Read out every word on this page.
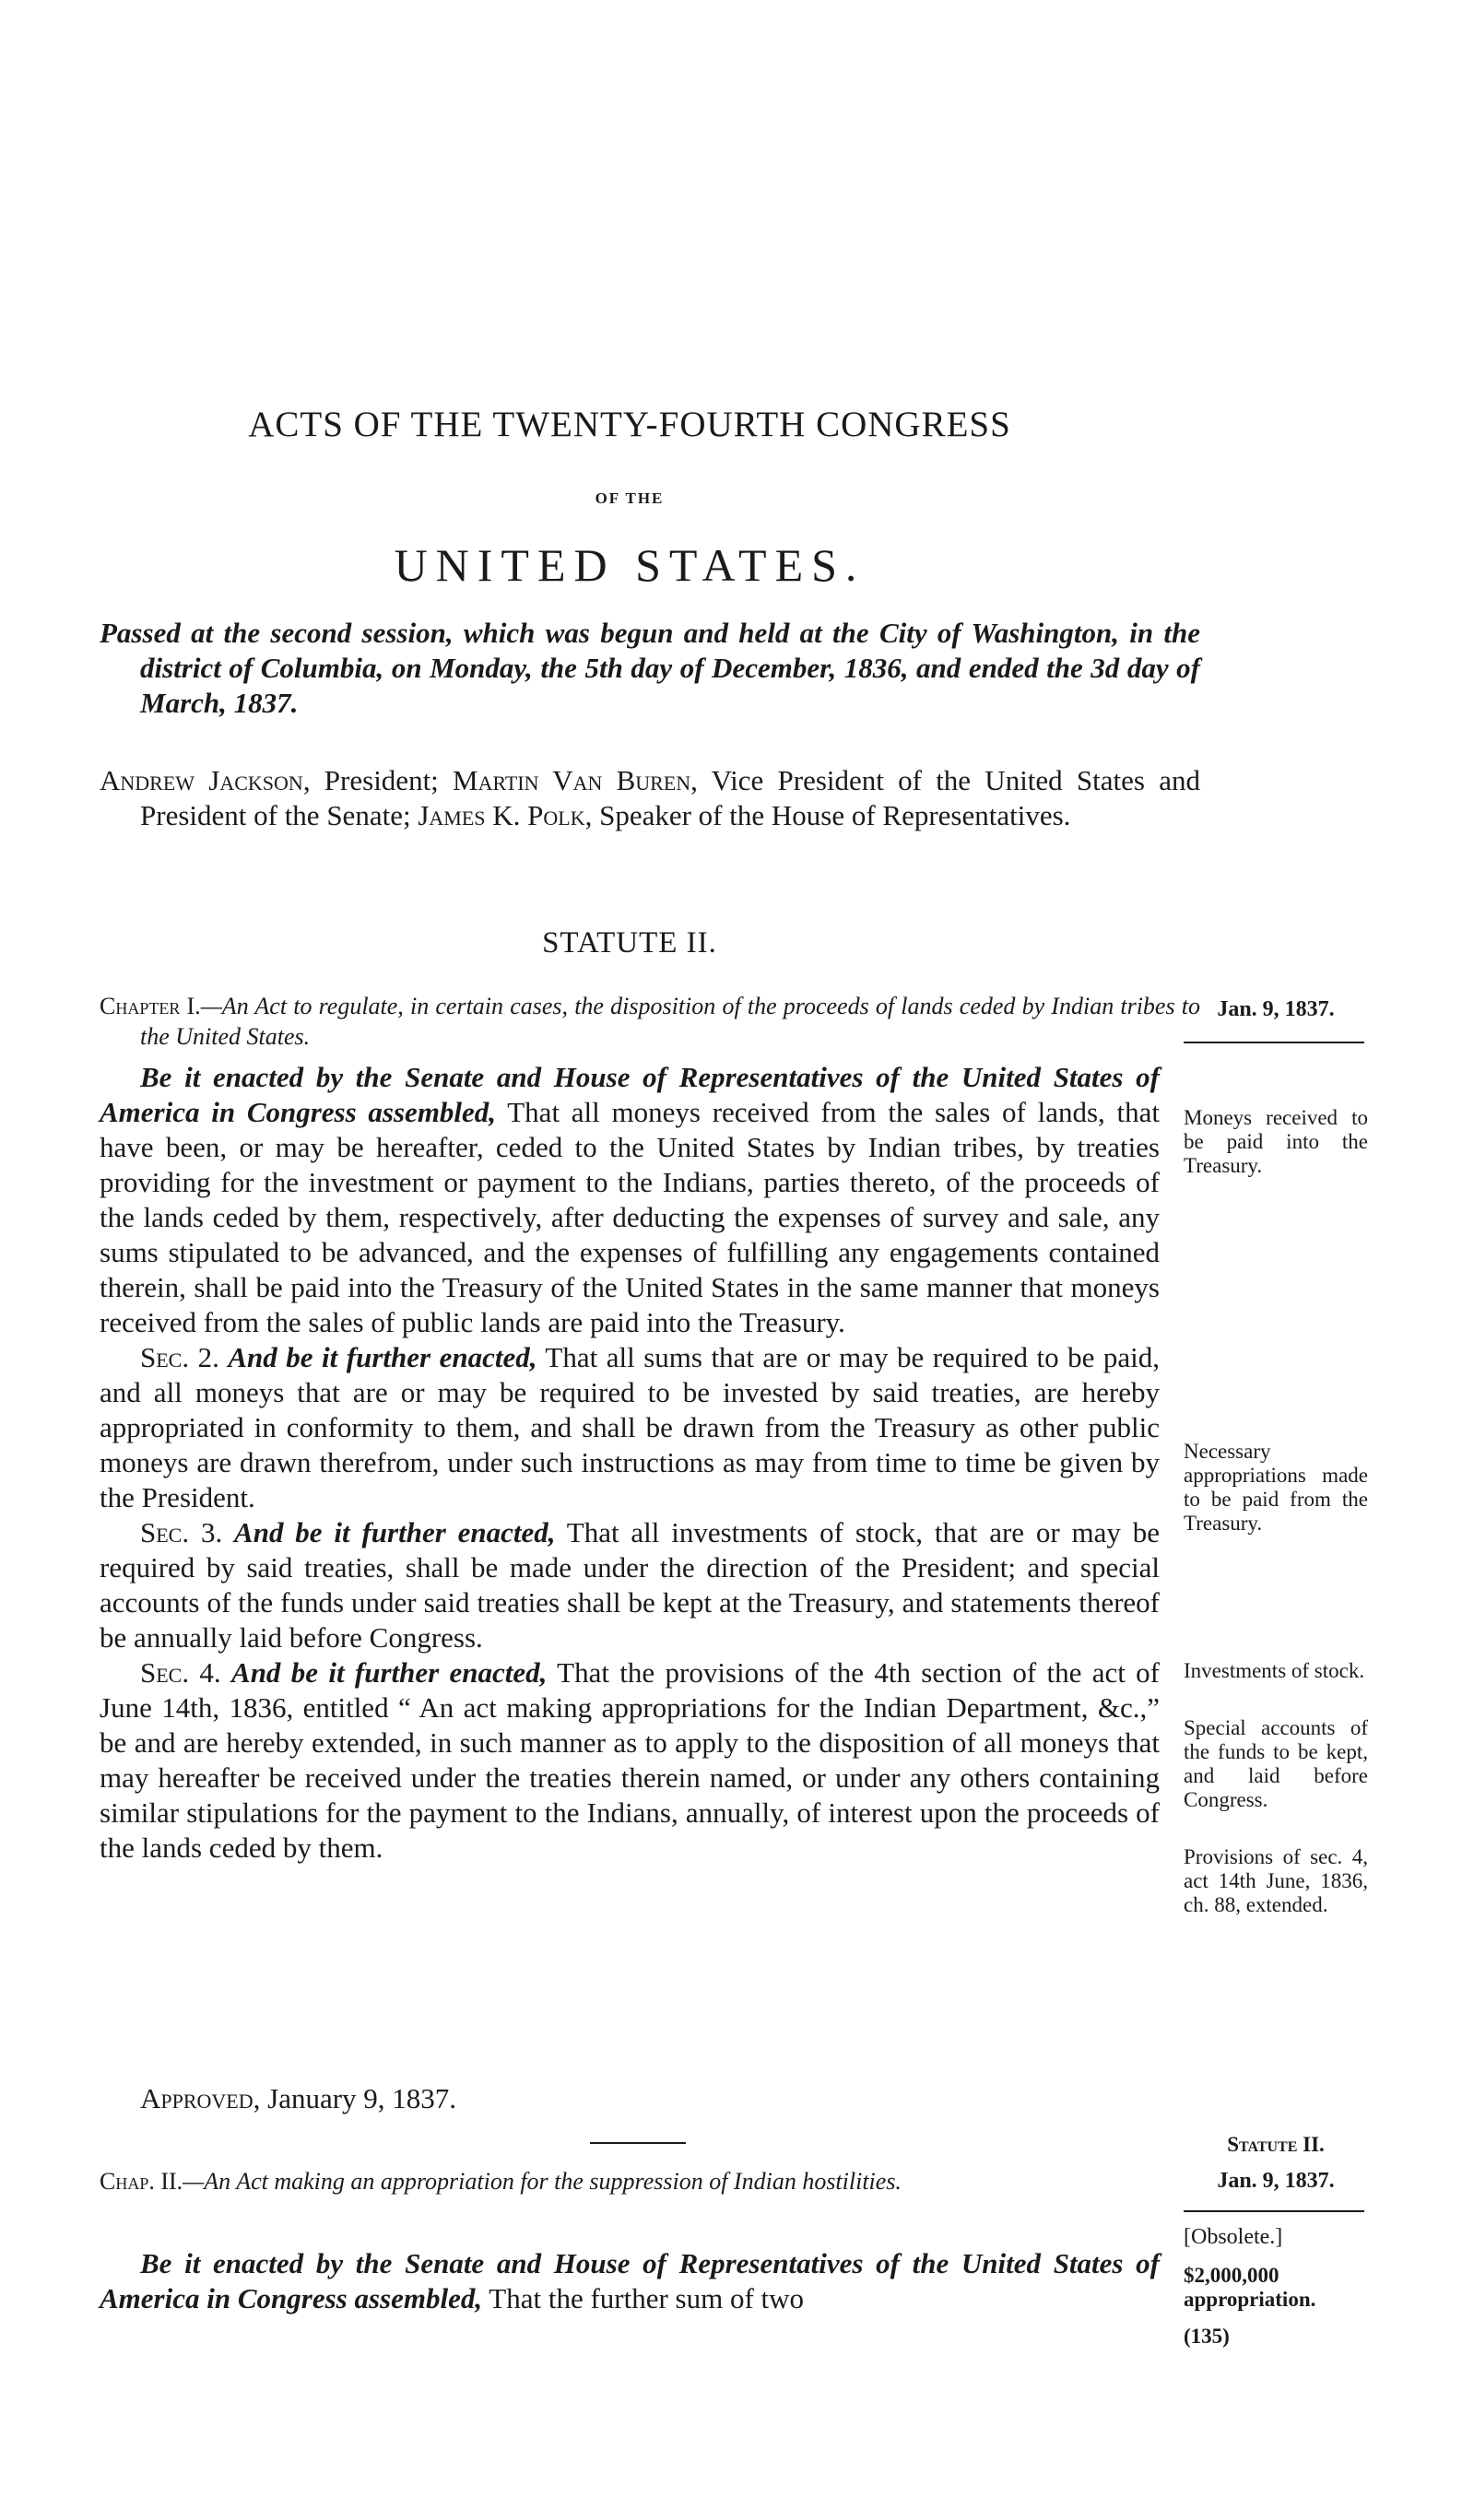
ACTS OF THE TWENTY-FOURTH CONGRESS
OF THE
UNITED STATES.
Passed at the second session, which was begun and held at the City of Washington, in the district of Columbia, on Monday, the 5th day of December, 1836, and ended the 3d day of March, 1837.
Andrew Jackson, President; Martin Van Buren, Vice President of the United States and President of the Senate; James K. Polk, Speaker of the House of Representatives.
STATUTE II.
Chapter I.—An Act to regulate, in certain cases, the disposition of the proceeds of lands ceded by Indian tribes to the United States.

Be it enacted by the Senate and House of Representatives of the United States of America in Congress assembled, That all moneys received from the sales of lands, that have been, or may be hereafter, ceded to the United States by Indian tribes, by treaties providing for the investment or payment to the Indians, parties thereto, of the proceeds of the lands ceded by them, respectively, after deducting the expenses of survey and sale, any sums stipulated to be advanced, and the expenses of fulfilling any engagements contained therein, shall be paid into the Treasury of the United States in the same manner that moneys received from the sales of public lands are paid into the Treasury.

Sec. 2. And be it further enacted, That all sums that are or may be required to be paid, and all moneys that are or may be required to be invested by said treaties, are hereby appropriated in conformity to them, and shall be drawn from the Treasury as other public moneys are drawn therefrom, under such instructions as may from time to time be given by the President.

Sec. 3. And be it further enacted, That all investments of stock, that are or may be required by said treaties, shall be made under the direction of the President; and special accounts of the funds under said treaties shall be kept at the Treasury, and statements thereof be annually laid before Congress.

Sec. 4. And be it further enacted, That the provisions of the 4th section of the act of June 14th, 1836, entitled “ An act making appropriations for the Indian Department, &c.,” be and are hereby extended, in such manner as to apply to the disposition of all moneys that may hereafter be received under the treaties therein named, or under any others containing similar stipulations for the payment to the Indians, annually, of interest upon the proceeds of the lands ceded by them.

Approved, January 9, 1837.
Chap. II.—An Act making an appropriation for the suppression of Indian hostilities.

Be it enacted by the Senate and House of Representatives of the United States of America in Congress assembled, That the further sum of two

Jan. 9, 1837.
Moneys received to be paid into the Treasury.
Necessary appropriations made to be paid from the Treasury.
Investments of stock.
Special accounts of the funds to be kept, and laid before Congress.
Provisions of sec. 4, act 14th June, 1836, ch. 88, extended.
Statute II.
Jan. 9, 1837.
[Obsolete.]
$2,000,000 appropriation.
(135)
